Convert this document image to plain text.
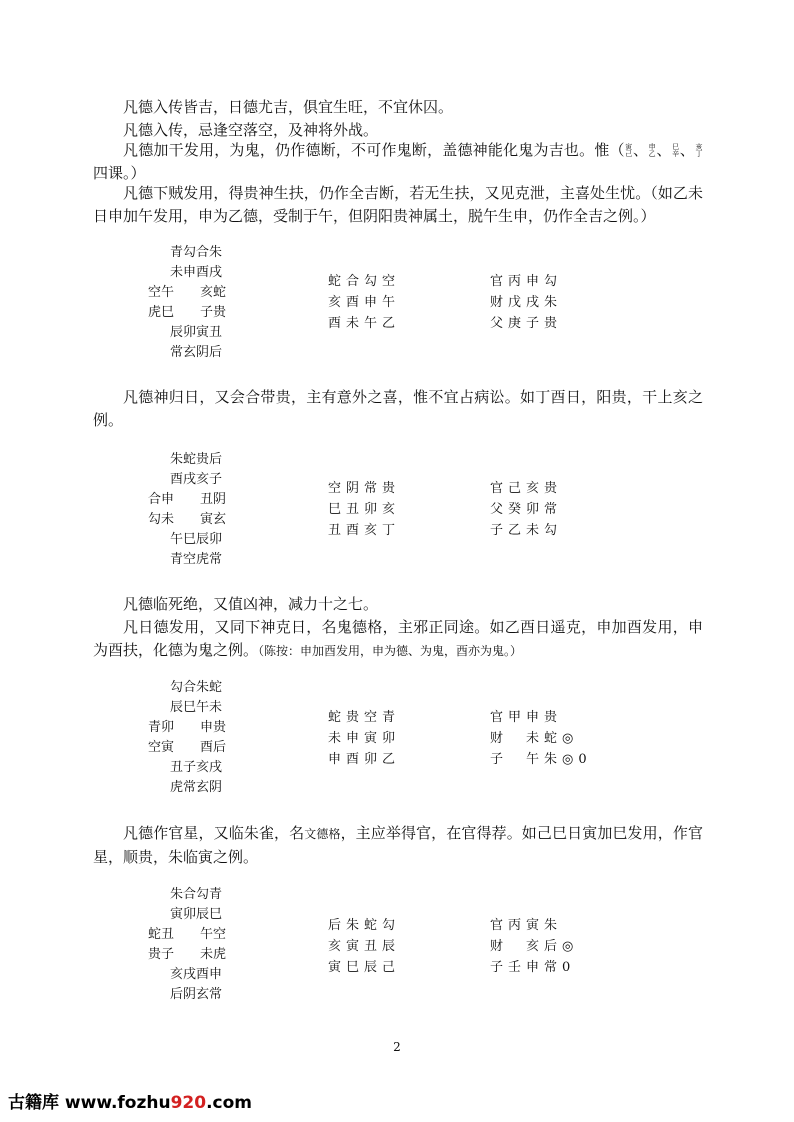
凡德入传皆吉，日德尤吉，俱宜生旺，不宜休囚。

凡德入传，忌逢空落空，及神将外战。

凡德加干发用，为鬼，仍作德断，不可作鬼断，盖德神能化鬼为吉也。惟（寅己、申乙、巳辛、亥丁四课。）

凡德下贼发用，得贵神生扶，仍作全吉断，若无生扶，又见克泄，主喜处生忧。（如乙未日申加午发用，申为乙德，受制于午，但阴阳贵神属土，脱午生申，仍作全吉之例。）

青勾合朱
未申酉戌
空午　　亥蛇
虎巳　　子贵
辰卯寅丑
常玄阴后
蛇合勾空
亥酉申午
酉未午乙
官丙申勾
财戊戌朱
父庚子贵

凡德神归日，又会合带贵，主有意外之喜，惟不宜占病讼。如丁酉日，阳贵，干上亥之例。

朱蛇贵后
酉戌亥子
合申　　丑阴
勾未　　寅玄
午巳辰卯
青空虎常
空阴常贵
巳丑卯亥
丑酉亥丁
官己亥贵
父癸卯常
子乙未勾

凡德临死绝，又值凶神，减力十之七。

凡日德发用，又同下神克日，名鬼德格，主邪正同途。如乙酉日遥克，申加酉发用，申为酉扶，化德为鬼之例。（陈按：申加酉发用，申为德、为鬼，酉亦为鬼。）

勾合朱蛇
辰巳午未
青卯　　申贵
空寅　　酉后
丑子亥戌
虎常玄阴
蛇贵空青
未申寅卯
申酉卯乙
官甲申贵
财　未蛇◎
子　午朱◎0

凡德作官星，又临朱雀，名文德格，主应举得官，在官得荐。如己巳日寅加巳发用，作官星，顺贵，朱临寅之例。

朱合勾青
寅卯辰巳
蛇丑　　午空
贵子　　未虎
亥戌酉申
后阴玄常
后朱蛇勾
亥寅丑辰
寅巳辰己
官丙寅朱
财　亥后◎
子壬申常0
2
古籍库 www.fozhu920.com
